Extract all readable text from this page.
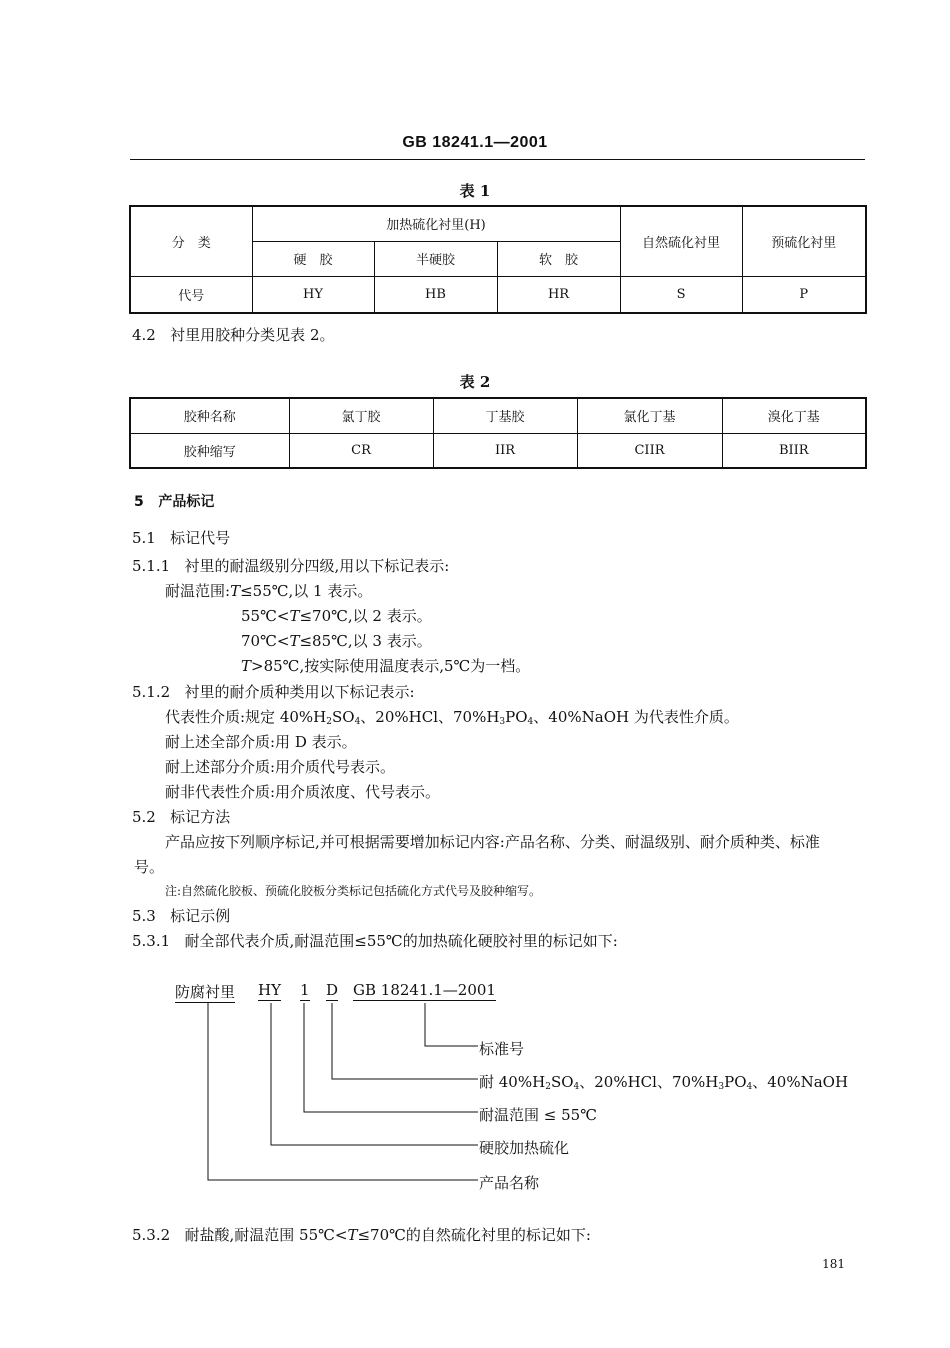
GB 18241.1—2001
表 1
分　类	加热硫化衬里(H)			自然硫化衬里	预硫化衬里
	硬　胶	半硬胶	软　胶		
代号	HY	HB	HR	S	P
4.2 衬里用胶种分类见表 2。
表 2
胶种名称	氯丁胶	丁基胶	氯化丁基	溴化丁基
胶种缩写	CR	IIR	CIIR	BIIR
5 产品标记
5.1 标记代号
5.1.1 衬里的耐温级别分四级,用以下标记表示:
耐温范围:T≤55℃,以 1 表示。
55℃<T≤70℃,以 2 表示。
70℃<T≤85℃,以 3 表示。
T>85℃,按实际使用温度表示,5℃为一档。
5.1.2 衬里的耐介质种类用以下标记表示:
代表性介质:规定 $40\%H_2SO_4$、20%HCl、$70\%H_3PO_4$、40%NaOH 为代表性介质。
耐上述全部介质:用 D 表示。
耐上述部分介质:用介质代号表示。
耐非代表性介质:用介质浓度、代号表示。
5.2 标记方法
产品应按下列顺序标记,并可根据需要增加标记内容:产品名称、分类、耐温级别、耐介质种类、标准
号。
注:自然硫化胶板、预硫化胶板分类标记包括硫化方式代号及胶种缩写。
5.3 标记示例
5.3.1 耐全部代表介质,耐温范围≤55℃的加热硫化硬胶衬里的标记如下:
防腐衬里 HY 1 D GB 18241.1—2001
标准号
耐 $40\%H_2SO_4$、20%HCl、$70\%H_3PO_4$、40%NaOH
耐温范围 ≤ 55℃
硬胶加热硫化
产品名称
5.3.2 耐盐酸,耐温范围 55℃<T≤70℃的自然硫化衬里的标记如下:
181
